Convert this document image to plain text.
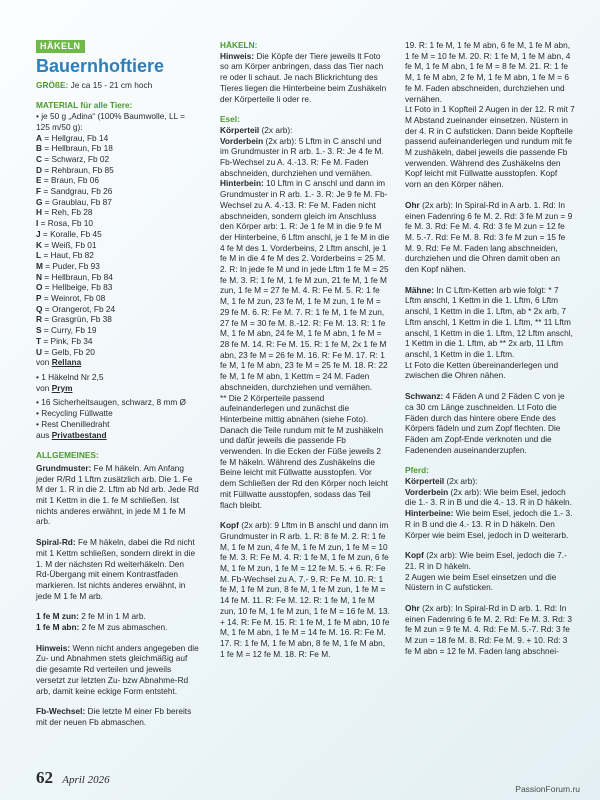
HÄKELN
Bauernhoftiere

GRÖßE: Je ca 15 - 21 cm hoch

MATERIAL für alle Tiere:
• je 50 g „Adina“ (100% Baumwolle, LL = 125 m/50 g):
A = Hellgrau, Fb 14
B = Hellbraun, Fb 18
C = Schwarz, Fb 02
D = Rehbraun, Fb 85
E = Braun, Fb 06
F = Sandgrau, Fb 26
G = Graublau, Fb 87
H = Reh, Fb 28
I = Rosa, Fb 10
J = Koralle, Fb 45
K = Weiß, Fb 01
L = Haut, Fb 82
M = Puder, Fb 93
N = Hellbraun, Fb 84
O = Hellbeige, Fb 83
P = Weinrot, Fb 08
Q = Orangerot, Fb 24
R = Grasgrün, Fb 38
S = Curry, Fb 19
T = Pink, Fb 34
U = Gelb, Fb 20
von Rellana
• 1 Häkelnd Nr 2,5
von Prym
• 16 Sicherheitsaugen, schwarz, 8 mm Ø
• Recycling Füllwatte
• Rest Chenilledraht
aus Privatbestand
ALLGEMEINES:

Grundmuster: Fe M häkeln. Am Anfang jeder R/Rd 1 Lftm zusätzlich arb. Die 1. Fe M der 1. R in die 2. Lftm ab Nd arb. Jede Rd mit 1 Kettm in die 1. fe M schließen. Ist nichts anderes erwähnt, in jede M 1 fe M arb.

Spiral-Rd: Fe M häkeln, dabei die Rd nicht mit 1 Kettm schließen, sondern direkt in die 1. M der nächsten Rd weiterhäkeln. Den Rd-Übergang mit einem Kontrastfaden markieren. Ist nichts anderes erwähnt, in jede M 1 fe M arb.

1 fe M zun: 2 fe M in 1 M arb.

1 fe M abn: 2 fe M zus abmaschen.

Hinweis: Wenn nicht anders angegeben die Zu- und Abnahmen stets gleichmäßig auf die gesamte Rd verteilen und jeweils versetzt zur letzten Zu- bzw Abnahme-Rd arb, damit keine eckige Form entsteht.

Fb-Wechsel: Die letzte M einer Fb bereits mit der neuen Fb abmaschen.

HÄKELN:

Hinweis: Die Köpfe der Tiere jeweils lt Foto so am Körper anbringen, dass das Tier nach re oder li schaut. Je nach Blickrichtung des Tieres liegen die Hinterbeine beim Zushäkeln der Körperteile li oder re.

Esel:
Körperteil (2x arb):
Vorderbein (2x arb): 5 Lftm in C anschl und im Grundmuster in R arb. 1.- 3. R: Je 4 fe M. Fb-Wechsel zu A. 4.-13. R: Fe M. Faden abschneiden, durchziehen und vernähen.
Hinterbein: 10 Lftm in C anschl und dann im Grundmuster in R arb. 1.- 3. R: Je 9 fe M. Fb-Wechsel zu A. 4.-13. R: Fe M. Faden nicht abschneiden, sondern gleich im Anschluss den Körper arb: 1. R: Je 1 fe M in die 9 fe M der Hinterbeine, 6 Lftm anschl, je 1 fe M in die 4 fe M des 1. Vorderbeins, 2 Lftm anschl, je 1 fe M in die 4 fe M des 2. Vorderbeins = 25 M. 2. R: In jede fe M und in jede Lftm 1 fe M = 25 fe M. 3. R: 1 fe M, 1 fe M zun, 21 fe M, 1 fe M zun, 1 fe M = 27 fe M. 4. R: Fe M. 5. R: 1 fe M, 1 fe M zun, 23 fe M, 1 fe M zun, 1 fe M = 29 fe M. 6. R: Fe M. 7. R: 1 fe M, 1 fe M zun, 27 fe M = 30 fe M. 8.-12. R: Fe M. 13. R: 1 fe M, 1 fe M abn, 24 fe M, 1 fe M abn, 1 fe M = 28 fe M. 14. R: Fe M. 15. R: 1 fe M, 2x 1 fe M abn, 23 fe M = 26 fe M. 16. R: Fe M. 17. R: 1 fe M, 1 fe M abn, 23 fe M = 25 fe M. 18. R: 22 fe M, 1 fe M abn, 1 Kettm = 24 M. Faden abschneiden, durchziehen und vernähen.

** Die 2 Körperteile passend aufeinanderlegen und zunächst die Hinterbeine mittig abnähen (siehe Foto). Danach die Teile rundum mit fe M zushäkeln und dafür jeweils die passende Fb verwenden. In die Ecken der Füße jeweils 2 fe M häkeln. Während des Zushäkelns die Beine leicht mit Füllwatte ausstopfen. Vor dem Schließen der Rd den Körper noch leicht mit Füllwatte ausstopfen, sodass das Teil flach bleibt.

Kopf (2x arb): 9 Lftm in B anschl und dann im Grundmuster in R arb. 1. R: 8 fe M. 2. R: 1 fe M, 1 fe M zun, 4 fe M, 1 fe M zun, 1 fe M = 10 fe M. 3. R: Fe M. 4. R: 1 fe M, 1 fe M zun, 6 fe M, 1 fe M zun, 1 fe M = 12 fe M. 5. + 6. R: Fe M. Fb-Wechsel zu A. 7.- 9. R: Fe M. 10. R: 1 fe M, 1 fe M zun, 8 fe M, 1 fe M zun, 1 fe M = 14 fe M. 11. R: Fe M. 12. R: 1 fe M, 1 fe M zun, 10 fe M, 1 fe M zun, 1 fe M = 16 fe M. 13. + 14. R: Fe M. 15. R: 1 fe M, 1 fe M abn, 10 fe M, 1 fe M abn, 1 fe M = 14 fe M. 16. R: Fe M. 17. R: 1 fe M, 1 fe M abn, 8 fe M, 1 fe M abn, 1 fe M = 12 fe M. 18. R: Fe M.

19. R: 1 fe M, 1 fe M abn, 6 fe M, 1 fe M abn, 1 fe M = 10 fe M. 20. R: 1 fe M, 1 fe M abn, 4 fe M, 1 fe M abn, 1 fe M = 8 fe M. 21. R: 1 fe M, 1 fe M abn, 2 fe M, 1 fe M abn, 1 fe M = 6 fe M. Faden abschneiden, durchziehen und vernähen.

Lt Foto in 1 Kopfteil 2 Augen in der 12. R mit 7 M Abstand zueinander einsetzen. Nüstern in der 4. R in C aufsticken. Dann beide Kopfteile passend aufeinanderlegen und rundum mit fe M zushäkeln, dabei jeweils die passende Fb verwenden. Während des Zushäkelns den Kopf leicht mit Füllwatte ausstopfen. Kopf vorn an den Körper nähen.

Ohr (2x arb): In Spiral-Rd in A arb. 1. Rd: In einen Fadenring 6 fe M. 2. Rd: 3 fe M zun = 9 fe M. 3. Rd: Fe M. 4. Rd: 3 fe M zun = 12 fe M. 5.-7. Rd: Fe M. 8. Rd: 3 fe M zun = 15 fe M. 9. Rd: Fe M. Faden lang abschneiden, durchziehen und die Ohren damit oben an den Kopf nähen.

Mähne: In C Lftm-Ketten arb wie folgt: * 7 Lftm anschl, 1 Kettm in die 1. Lftm, 6 Lftm anschl, 1 Kettm in die 1. Lftm, ab * 2x arb, 7 Lftm anschl, 1 Kettm in die 1. Lftm, ** 11 Lftm anschl, 1 Kettm in die 1. Lftm, 12 Lftm anschl, 1 Kettm in die 1. Lftm, ab ** 2x arb, 11 Lftm anschl, 1 Kettm in die 1. Lftm.

Lt Foto die Ketten übereinanderlegen und zwischen die Ohren nähen.

Schwanz: 4 Fäden A und 2 Fäden C von je ca 30 cm Länge zuschneiden. Lt Foto die Fäden durch das hintere obere Ende des Körpers fädeln und zum Zopf flechten. Die Fäden am Zopf-Ende verknoten und die Fadenenden auseinanderzupfen.

Pferd:
Körperteil (2x arb):
Vorderbein (2x arb): Wie beim Esel, jedoch die 1.- 3. R in B und die 4.- 13. R in D häkeln.

Hinterbeine: Wie beim Esel, jedoch die 1.- 3. R in B und die 4.- 13. R in D häkeln. Den Körper wie beim Esel, jedoch in D weiterarb.

Kopf (2x arb): Wie beim Esel, jedoch die 7.- 21. R in D häkeln.

2 Augen wie beim Esel einsetzen und die Nüstern in C aufsticken.

Ohr (2x arb): In Spiral-Rd in D arb. 1. Rd: In einen Fadenring 6 fe M. 2. Rd: Fe M. 3. Rd: 3 fe M zun = 9 fe M. 4. Rd: Fe M. 5.-7. Rd: 3 fe M zun = 18 fe M. 8. Rd: Fe M. 9. + 10. Rd: 3 fe M abn = 12 fe M. Faden lang abschnei-

62 April 2026
PassionForum.ru
